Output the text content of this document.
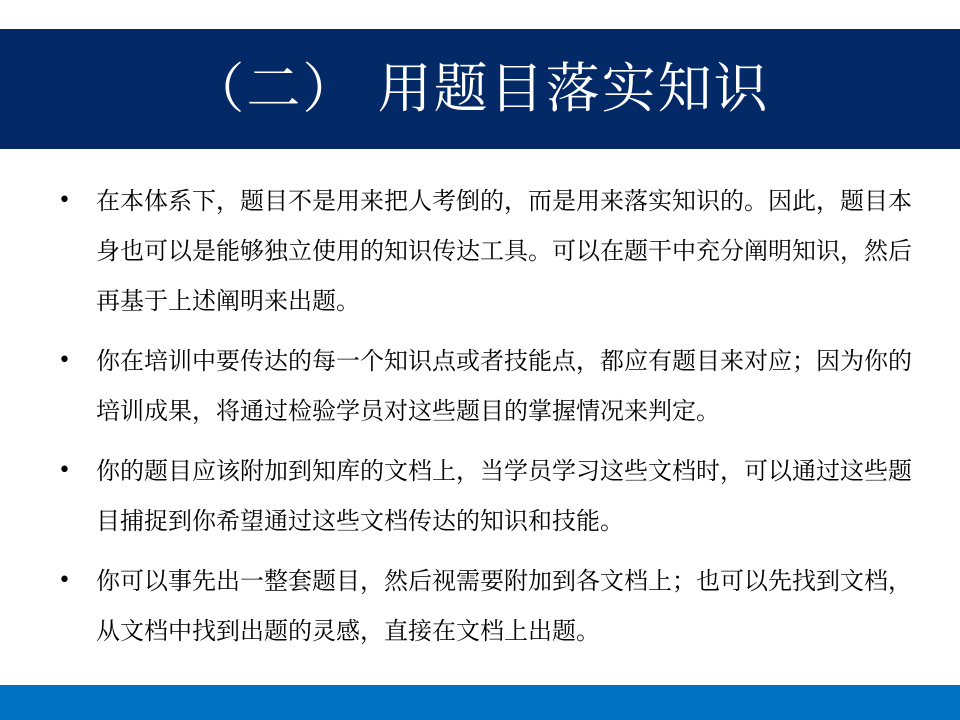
（二） 用题目落实知识
• 在本体系下，题目不是用来把人考倒的，而是用来落实知识的。因此，题目本身也可以是能够独立使用的知识传达工具。可以在题干中充分阐明知识，然后再基于上述阐明来出题。
• 你在培训中要传达的每一个知识点或者技能点，都应有题目来对应；因为你的培训成果，将通过检验学员对这些题目的掌握情况来判定。
• 你的题目应该附加到知库的文档上，当学员学习这些文档时，可以通过这些题目捕捉到你希望通过这些文档传达的知识和技能。
• 你可以事先出一整套题目，然后视需要附加到各文档上；也可以先找到文档，从文档中找到出题的灵感，直接在文档上出题。
